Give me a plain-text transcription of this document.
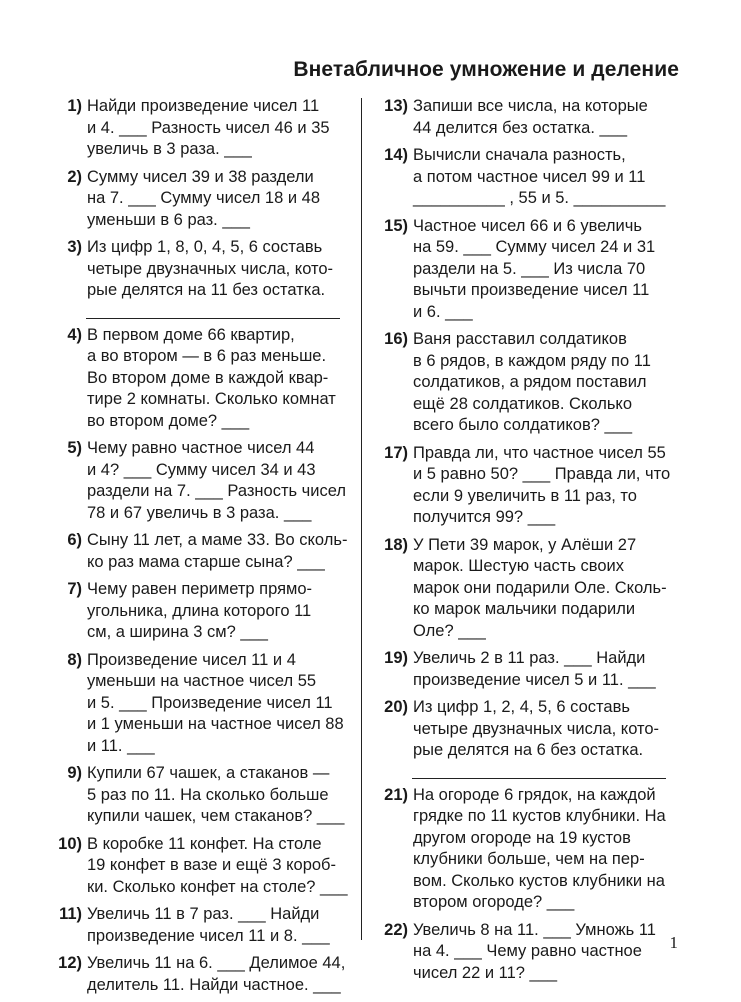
Внетабличное умножение и деление
1) Найди произведение чисел 11
и 4. ___ Разность чисел 46 и 35
увеличь в 3 раза. ___
2) Сумму чисел 39 и 38 раздели
на 7. ___ Сумму чисел 18 и 48
уменьши в 6 раз. ___
3) Из цифр 1, 8, 0, 4, 5, 6 составь
четыре двузначных числа, кото-
рые делятся на 11 без остатка.
4) В первом доме 66 квартир,
а во втором — в 6 раз меньше.
Во втором доме в каждой квар-
тире 2 комнаты. Сколько комнат
во втором доме? ___
5) Чему равно частное чисел 44
и 4? ___ Сумму чисел 34 и 43
раздели на 7. ___ Разность чисел
78 и 67 увеличь в 3 раза. ___
6) Сыну 11 лет, а маме 33. Во сколь-
ко раз мама старше сына? ___
7) Чему равен периметр прямо-
угольника, длина которого 11
см, а ширина 3 см? ___
8) Произведение чисел 11 и 4
уменьши на частное чисел 55
и 5. ___ Произведение чисел 11
и 1 уменьши на частное чисел 88
и 11. ___
9) Купили 67 чашек, а стаканов —
5 раз по 11. На сколько больше
купили чашек, чем стаканов? ___
10) В коробке 11 конфет. На столе
19 конфет в вазе и ещё 3 короб-
ки. Сколько конфет на столе? ___
11) Увеличь 11 в 7 раз. ___ Найди
произведение чисел 11 и 8. ___
12) Увеличь 11 на 6. ___ Делимое 44,
делитель 11. Найди частное. ___
13) Запиши все числа, на которые
44 делится без остатка. ___
14) Вычисли сначала разность,
а потом частное чисел 99 и 11
__________ , 55 и 5. __________
15) Частное чисел 66 и 6 увеличь
на 59. ___ Сумму чисел 24 и 31
раздели на 5. ___ Из числа 70
вычьти произведение чисел 11
и 6. ___
16) Ваня расставил солдатиков
в 6 рядов, в каждом ряду по 11
солдатиков, а рядом поставил
ещё 28 солдатиков. Сколько
всего было солдатиков? ___
17) Правда ли, что частное чисел 55
и 5 равно 50? ___ Правда ли, что
если 9 увеличить в 11 раз, то
получится 99? ___
18) У Пети 39 марок, у Алёши 27
марок. Шестую часть своих
марок они подарили Оле. Сколь-
ко марок мальчики подарили
Оле? ___
19) Увеличь 2 в 11 раз. ___ Найди
произведение чисел 5 и 11. ___
20) Из цифр 1, 2, 4, 5, 6 составь
четыре двузначных числа, кото-
рые делятся на 6 без остатка.
21) На огороде 6 грядок, на каждой
грядке по 11 кустов клубники. На
другом огороде на 19 кустов
клубники больше, чем на пер-
вом. Сколько кустов клубники на
втором огороде? ___
22) Увеличь 8 на 11. ___ Умножь 11
на 4. ___ Чему равно частное
чисел 22 и 11? ___
1
